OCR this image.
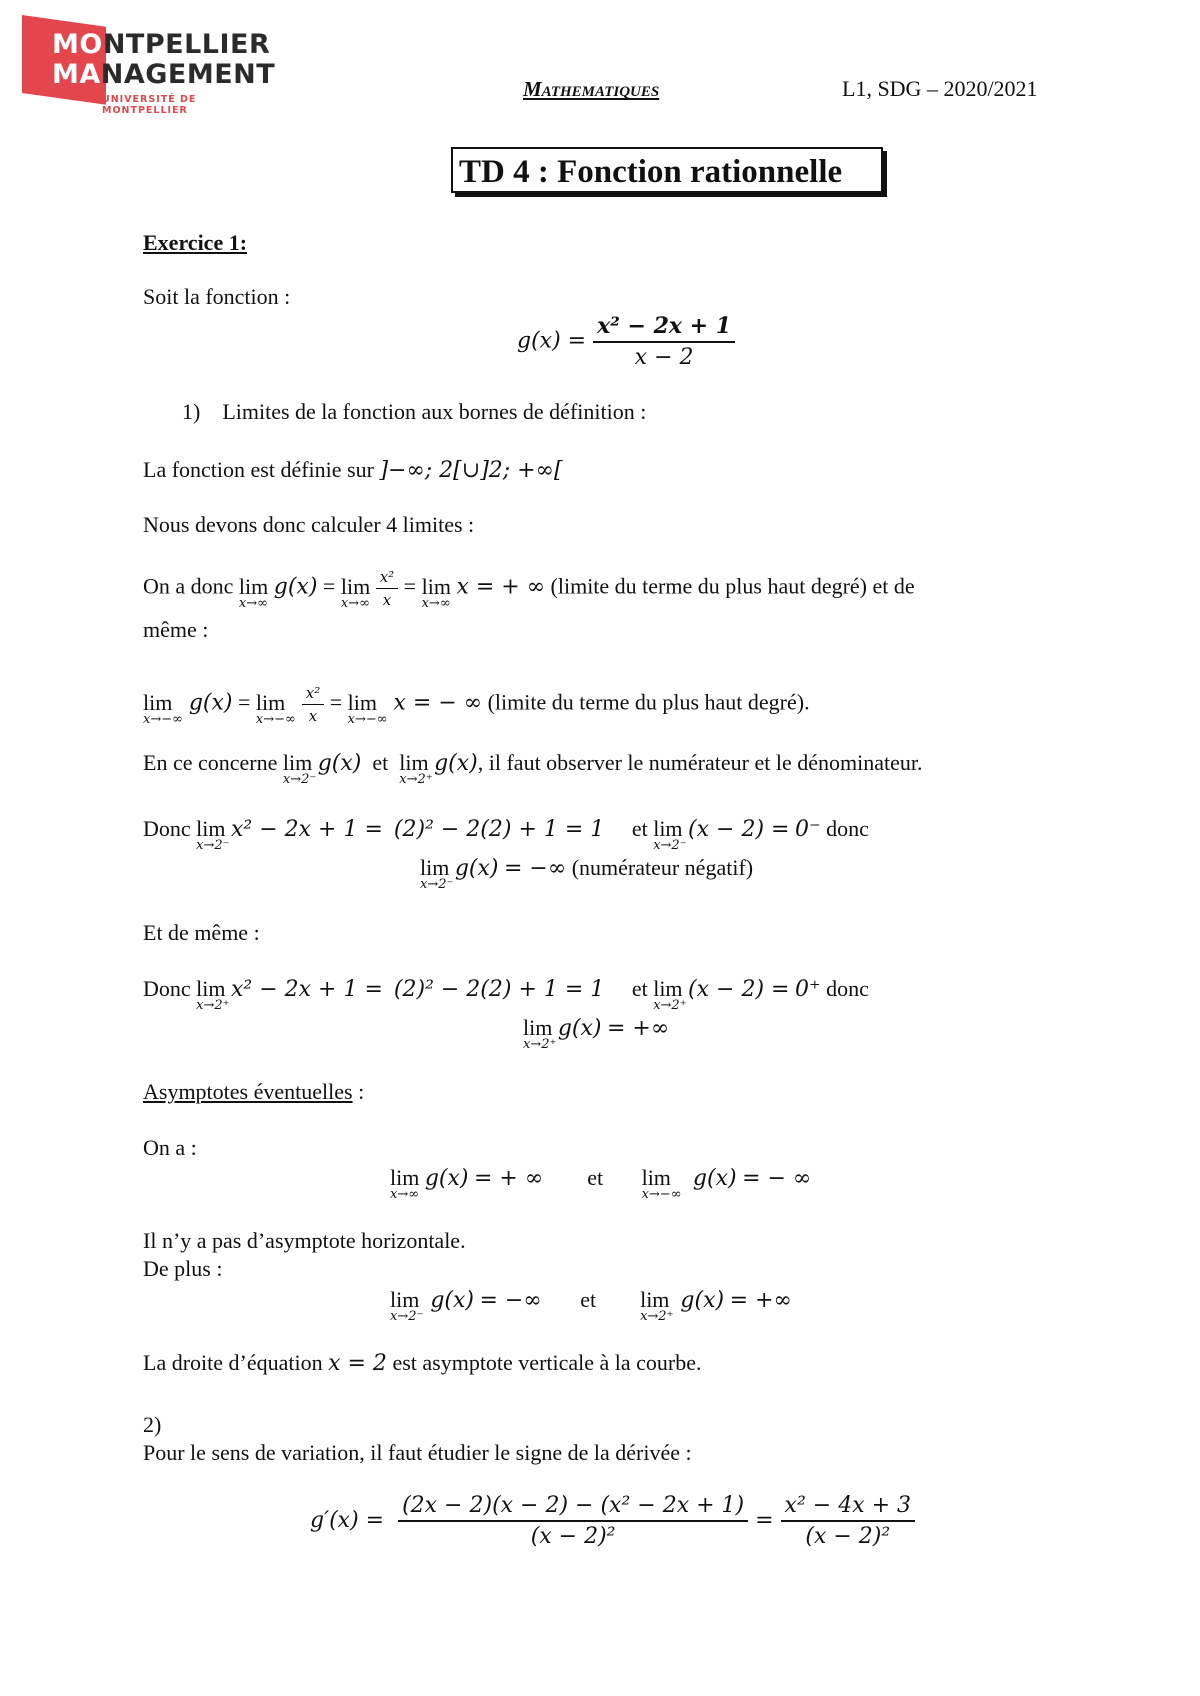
MONTPELLIER
MANAGEMENT
UNIVERSITÉ DE MONTPELLIER
Mathematiques	L1, SDG – 2020/2021
TD 4 : Fonction rationnelle
Exercice 1:
Soit la fonction :
$g(x) = \frac{\text{x² − 2x + 1}}{x - 2}$
1) Limites de la fonction aux bornes de définition :
La fonction est définie sur ]−∞; 2[∪]2; +∞[
Nous devons donc calculer 4 limites :
On a donc lim
x→∞
g(x) = lim
x→∞
$\frac{\text{x²}}{x} = \lim$
x→∞
x = + ∞ (limite du terme du plus haut degré) et de
même :
lim
x→−∞
g(x) = lim
x→−∞
$\frac{\text{x²}}{x} = \lim$
x→−∞
x = − ∞ (limite du terme du plus haut degré).
En ce concerne lim
x→2⁻
g(x) et lim
x→2⁺
g(x), il faut observer le numérateur et le dénominateur.
Donc lim
x→2⁻
x² − 2x + 1 = (2)² − 2(2) + 1 = 1 et lim
x→2⁻
(x − 2) = 0⁻ donc
lim
x→2⁻
g(x) = −∞ (numérateur négatif)
Et de même :
Donc lim
x→2⁺
x² − 2x + 1 = (2)² − 2(2) + 1 = 1 et lim
x→2⁺
(x − 2) = 0⁺ donc
lim
x→2⁺
g(x) = +∞
Asymptotes éventuelles :
On a :
lim
x→∞
g(x) = + ∞ et lim
x→−∞
g(x) = − ∞
Il n’y a pas d’asymptote horizontale.
De plus :
lim
x→2⁻
g(x) = −∞ et lim
x→2⁺
g(x) = +∞
La droite d’équation x = 2 est asymptote verticale à la courbe.
2)
Pour le sens de variation, il faut étudier le signe de la dérivée :
$g'(x) = \frac{\text{(2x − 2)(x − 2) − (x² − 2x + 1)}}{\text{(x − 2)²}} = \frac{\text{x² − 4x + 3}}{\text{(x − 2)²}}$
